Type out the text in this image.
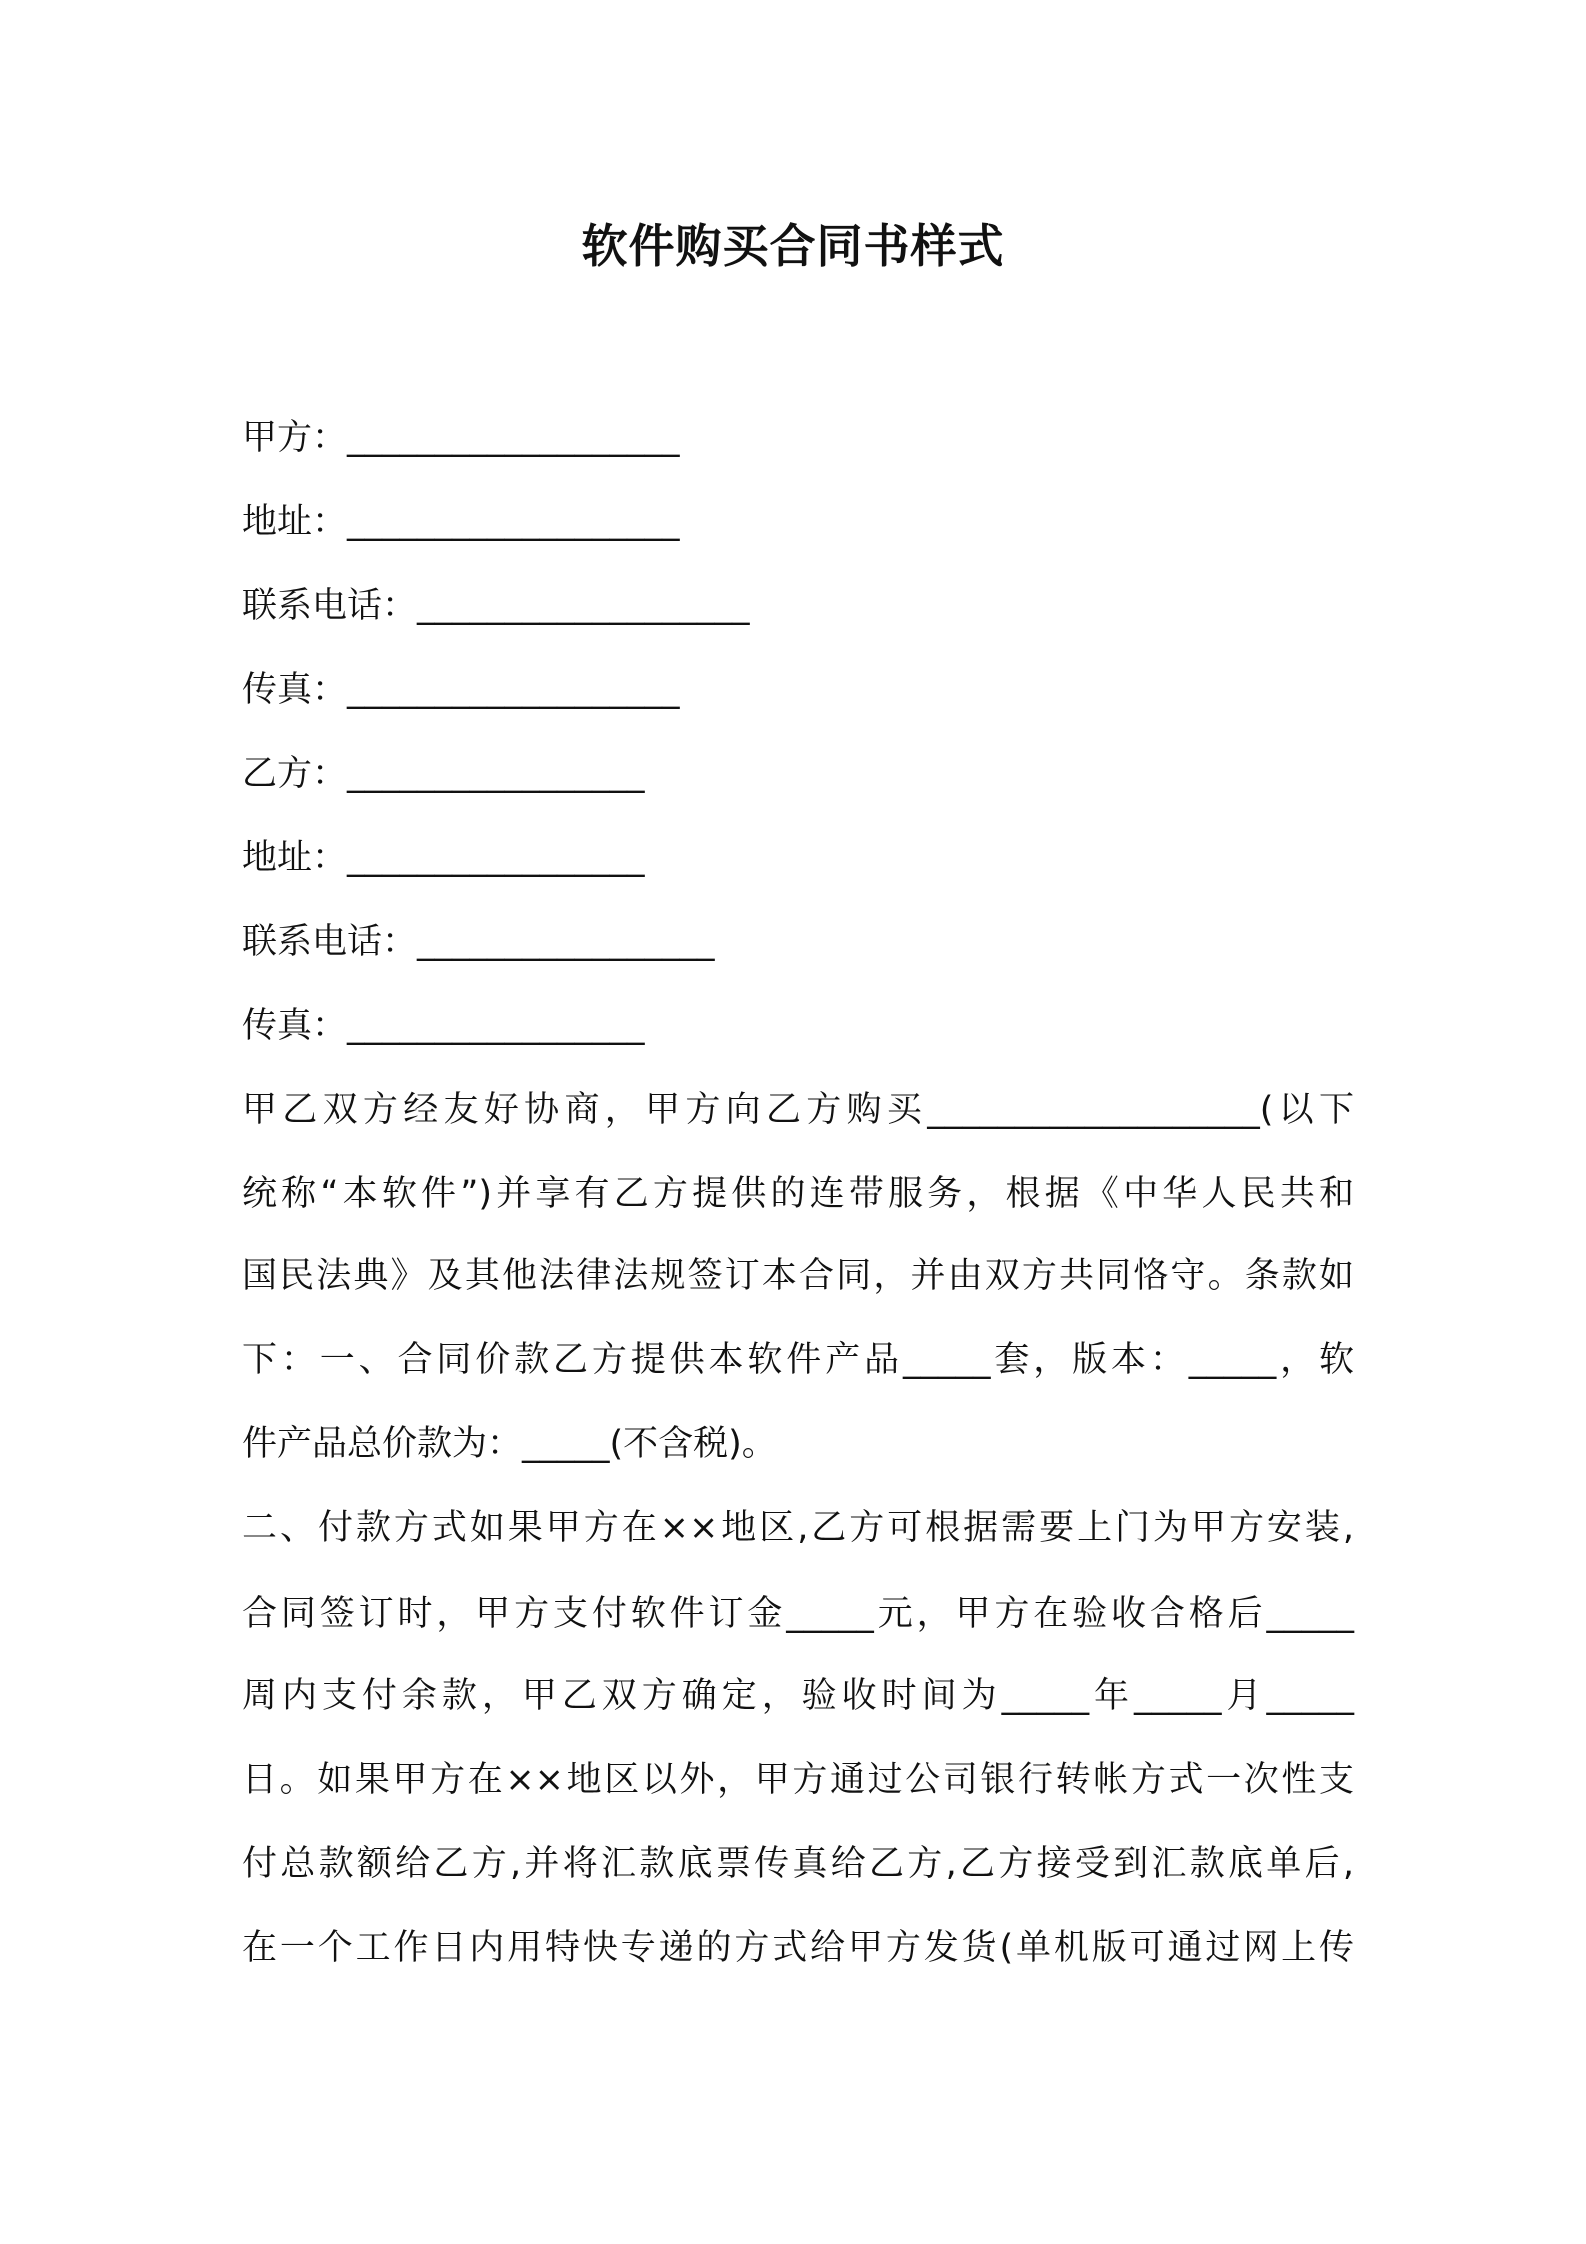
软件购买合同书样式
甲方：___________________
地址：___________________
联系电话：___________________
传真：___________________
乙方：_________________
地址：_________________
联系电话：_________________
传真：_________________
甲乙双方经友好协商，甲方向乙方购买___________________(以下
统称“本软件”)并享有乙方提供的连带服务，根据《中华人民共和
国民法典》及其他法律法规签订本合同，并由双方共同恪守。条款如
下：一、合同价款乙方提供本软件产品_____套，版本：_____，软
件产品总价款为：_____(不含税)。
二、付款方式如果甲方在××地区,乙方可根据需要上门为甲方安装,
合同签订时，甲方支付软件订金_____元，甲方在验收合格后_____
周内支付余款，甲乙双方确定，验收时间为_____年_____月_____
日。如果甲方在××地区以外，甲方通过公司银行转帐方式一次性支
付总款额给乙方,并将汇款底票传真给乙方,乙方接受到汇款底单后,
在一个工作日内用特快专递的方式给甲方发货(单机版可通过网上传
